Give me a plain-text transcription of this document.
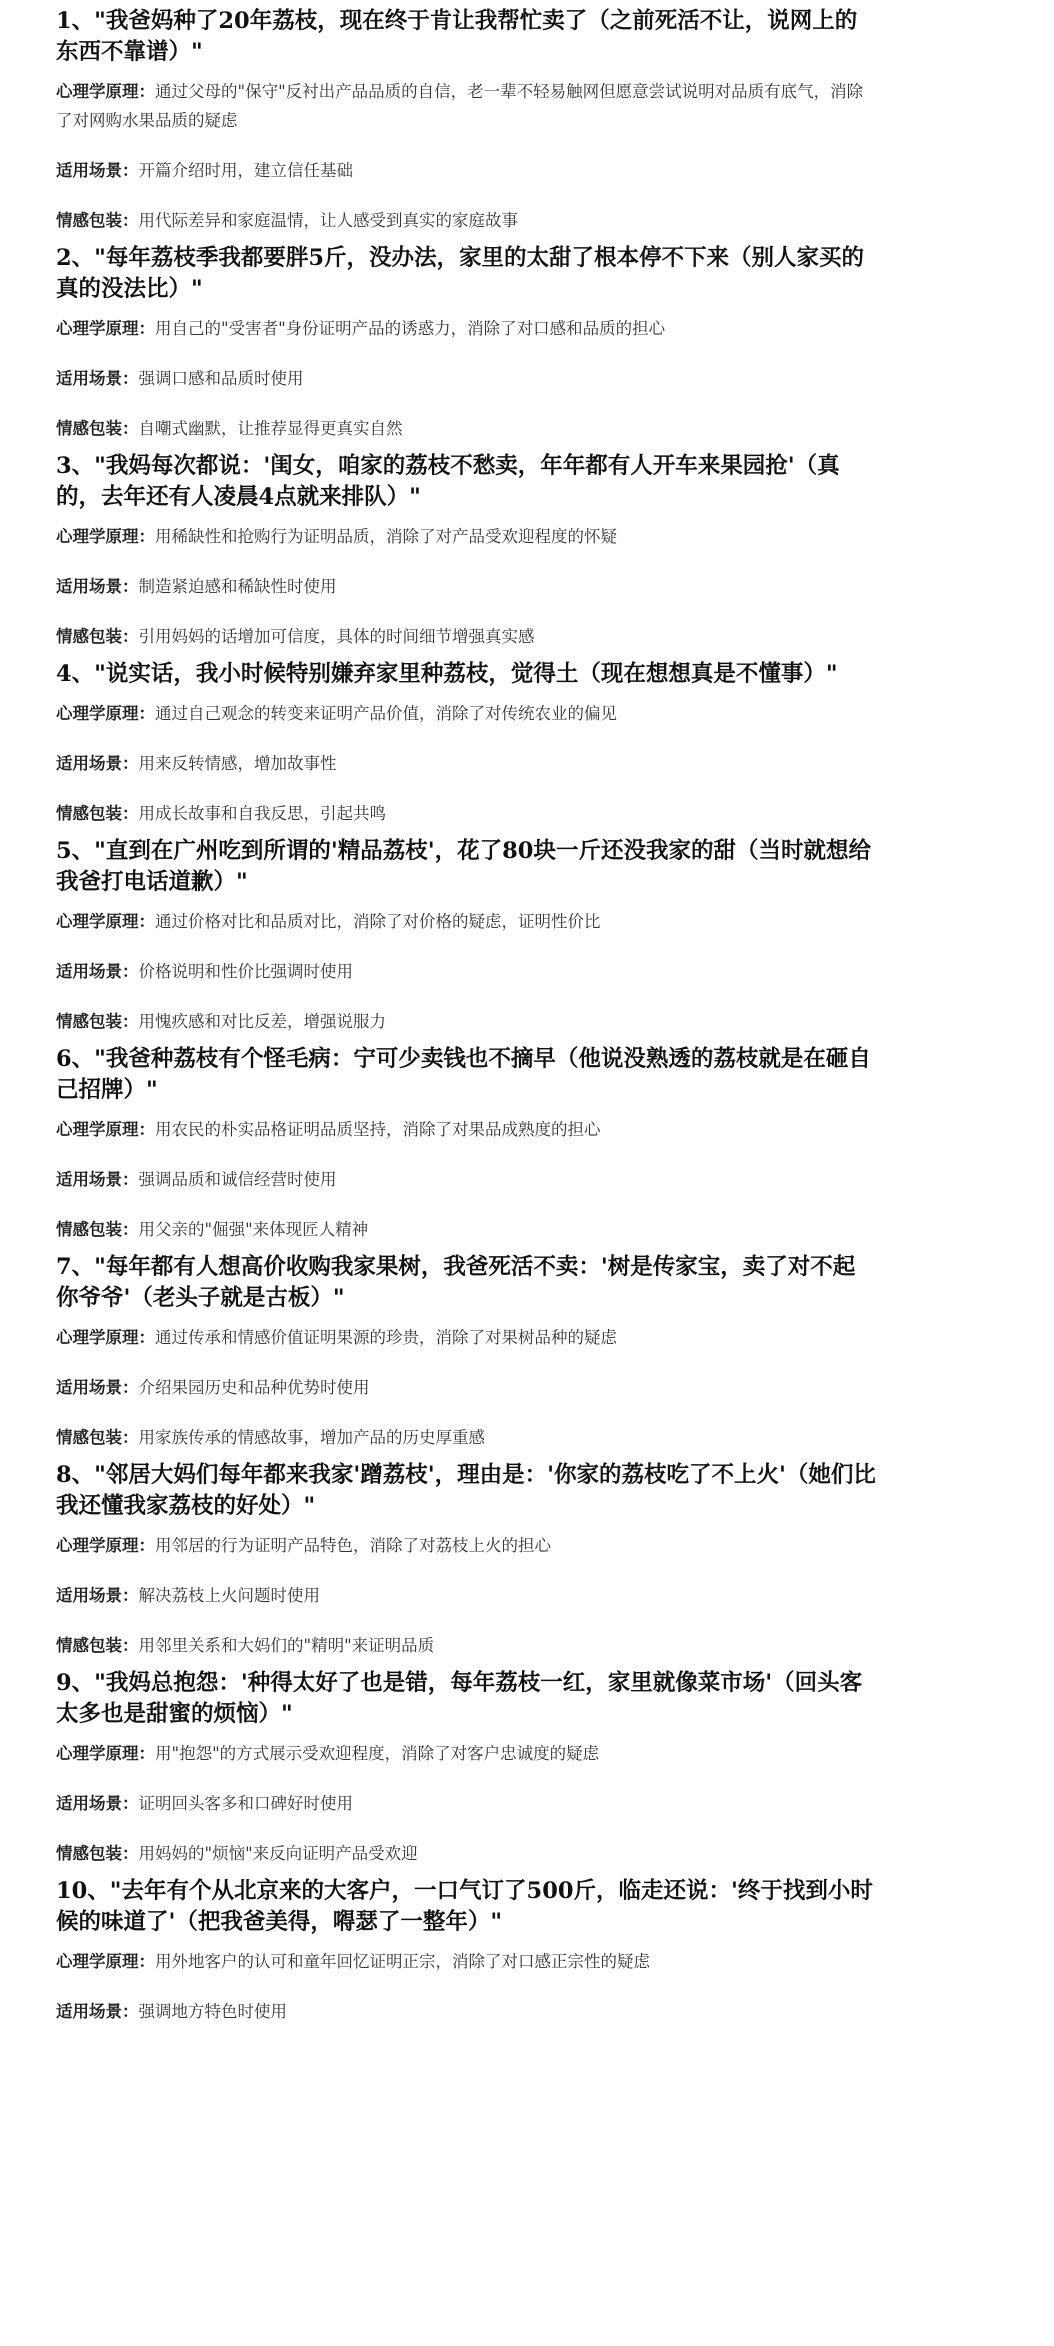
1、"我爸妈种了20年荔枝，现在终于肯让我帮忙卖了（之前死活不让，说网上的东西不靠谱）"

心理学原理：通过父母的"保守"反衬出产品品质的自信，老一辈不轻易触网但愿意尝试说明对品质有底气，消除了对网购水果品质的疑虑

适用场景：开篇介绍时用，建立信任基础

情感包装：用代际差异和家庭温情，让人感受到真实的家庭故事

2、"每年荔枝季我都要胖5斤，没办法，家里的太甜了根本停不下来（别人家买的真的没法比）"

心理学原理：用自己的"受害者"身份证明产品的诱惑力，消除了对口感和品质的担心

适用场景：强调口感和品质时使用

情感包装：自嘲式幽默，让推荐显得更真实自然

3、"我妈每次都说：'闺女，咱家的荔枝不愁卖，年年都有人开车来果园抢'（真的，去年还有人凌晨4点就来排队）"

心理学原理：用稀缺性和抢购行为证明品质，消除了对产品受欢迎程度的怀疑

适用场景：制造紧迫感和稀缺性时使用

情感包装：引用妈妈的话增加可信度，具体的时间细节增强真实感

4、"说实话，我小时候特别嫌弃家里种荔枝，觉得土（现在想想真是不懂事）"

心理学原理：通过自己观念的转变来证明产品价值，消除了对传统农业的偏见

适用场景：用来反转情感，增加故事性

情感包装：用成长故事和自我反思，引起共鸣

5、"直到在广州吃到所谓的'精品荔枝'，花了80块一斤还没我家的甜（当时就想给我爸打电话道歉）"

心理学原理：通过价格对比和品质对比，消除了对价格的疑虑，证明性价比

适用场景：价格说明和性价比强调时使用

情感包装：用愧疚感和对比反差，增强说服力

6、"我爸种荔枝有个怪毛病：宁可少卖钱也不摘早（他说没熟透的荔枝就是在砸自己招牌）"

心理学原理：用农民的朴实品格证明品质坚持，消除了对果品成熟度的担心

适用场景：强调品质和诚信经营时使用

情感包装：用父亲的"倔强"来体现匠人精神

7、"每年都有人想高价收购我家果树，我爸死活不卖：'树是传家宝，卖了对不起你爷爷'（老头子就是古板）"

心理学原理：通过传承和情感价值证明果源的珍贵，消除了对果树品种的疑虑

适用场景：介绍果园历史和品种优势时使用

情感包装：用家族传承的情感故事，增加产品的历史厚重感

8、"邻居大妈们每年都来我家'蹭荔枝'，理由是：'你家的荔枝吃了不上火'（她们比我还懂我家荔枝的好处）"

心理学原理：用邻居的行为证明产品特色，消除了对荔枝上火的担心

适用场景：解决荔枝上火问题时使用

情感包装：用邻里关系和大妈们的"精明"来证明品质

9、"我妈总抱怨：'种得太好了也是错，每年荔枝一红，家里就像菜市场'（回头客太多也是甜蜜的烦恼）"

心理学原理：用"抱怨"的方式展示受欢迎程度，消除了对客户忠诚度的疑虑

适用场景：证明回头客多和口碑好时使用

情感包装：用妈妈的"烦恼"来反向证明产品受欢迎

10、"去年有个从北京来的大客户，一口气订了500斤，临走还说：'终于找到小时候的味道了'（把我爸美得，嘚瑟了一整年）"

心理学原理：用外地客户的认可和童年回忆证明正宗，消除了对口感正宗性的疑虑

适用场景：强调地方特色时使用
